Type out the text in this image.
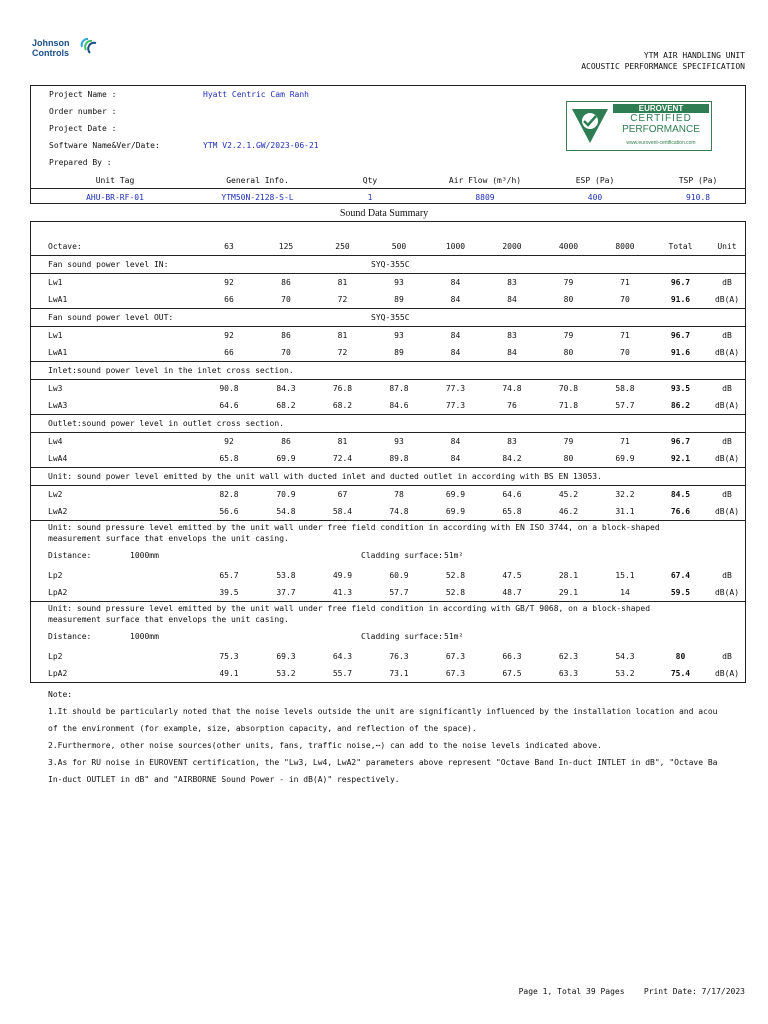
Johnson
Controls	YTM AIR HANDLING UNIT
ACOUSTIC PERFORMANCE SPECIFICATION
Project Name :	Hyatt Centric Cam Ranh
Order number :
Project Date :
Software Name&Ver/Date:	YTM V2.2.1.GW/2023-06-21
Prepared By :
EUROVENT
CERTIFIED
PERFORMANCE
www.eurovent-certification.com
Unit Tag	General Info.	Qty	Air Flow (m³/h)	ESP (Pa)	TSP (Pa)
AHU-BR-RF-01	YTM50N-2128-S-L	1	8809	400	910.8
Sound Data Summary

Octave:	63	125	250	500	1000	2000	4000	8000	Total	Unit
Fan sound power level IN:	SYQ-355C
Lw1	92	86	81	93	84	83	79	71	96.7	dB
LwA1	66	70	72	89	84	84	80	70	91.6	dB(A)
Fan sound power level OUT:	SYQ-355C
Lw1	92	86	81	93	84	83	79	71	96.7	dB
LwA1	66	70	72	89	84	84	80	70	91.6	dB(A)
Inlet:sound power level in the inlet cross section.
Lw3	90.8	84.3	76.8	87.8	77.3	74.8	70.8	58.8	93.5	dB
LwA3	64.6	68.2	68.2	84.6	77.3	76	71.8	57.7	86.2	dB(A)
Outlet:sound power level in outlet cross section.
Lw4	92	86	81	93	84	83	79	71	96.7	dB
LwA4	65.8	69.9	72.4	89.8	84	84.2	80	69.9	92.1	dB(A)
Unit: sound power level emitted by the unit wall with ducted inlet and ducted outlet in according with BS EN 13053.
Lw2	82.8	70.9	67	78	69.9	64.6	45.2	32.2	84.5	dB
LwA2	56.6	54.8	58.4	74.8	69.9	65.8	46.2	31.1	76.6	dB(A)
Unit: sound pressure level emitted by the unit wall under free field condition in according with EN ISO 3744, on a block-shaped
measurement surface that envelops the unit casing.
Distance:	1000mm		Cladding surface:	51m²
Lp2	65.7	53.8	49.9	60.9	52.8	47.5	28.1	15.1	67.4	dB
LpA2	39.5	37.7	41.3	57.7	52.8	48.7	29.1	14	59.5	dB(A)
Unit: sound pressure level emitted by the unit wall under free field condition in according with GB/T 9068, on a block-shaped
measurement surface that envelops the unit casing.
Distance:	1000mm		Cladding surface:	51m²
Lp2	75.3	69.3	64.3	76.3	67.3	66.3	62.3	54.3	80	dB
LpA2	49.1	53.2	55.7	73.1	67.3	67.5	63.3	53.2	75.4	dB(A)
Note:
1.It should be particularly noted that the noise levels outside the unit are significantly influenced by the installation location and acou
of the environment (for example, size, absorption capacity, and reflection of the space).
2.Furthermore, other noise sources(other units, fans, traffic noise,⋯) can add to the noise levels indicated above.
3.As for RU noise in EUROVENT certification, the "Lw3, Lw4, LwA2" parameters above represent "Octave Band In-duct INTLET in dB", "Octave Ba
In-duct OUTLET in dB" and "AIRBORNE Sound Power - in dB(A)" respectively.
Page 1, Total 39 Pages Print Date: 7/17/2023
